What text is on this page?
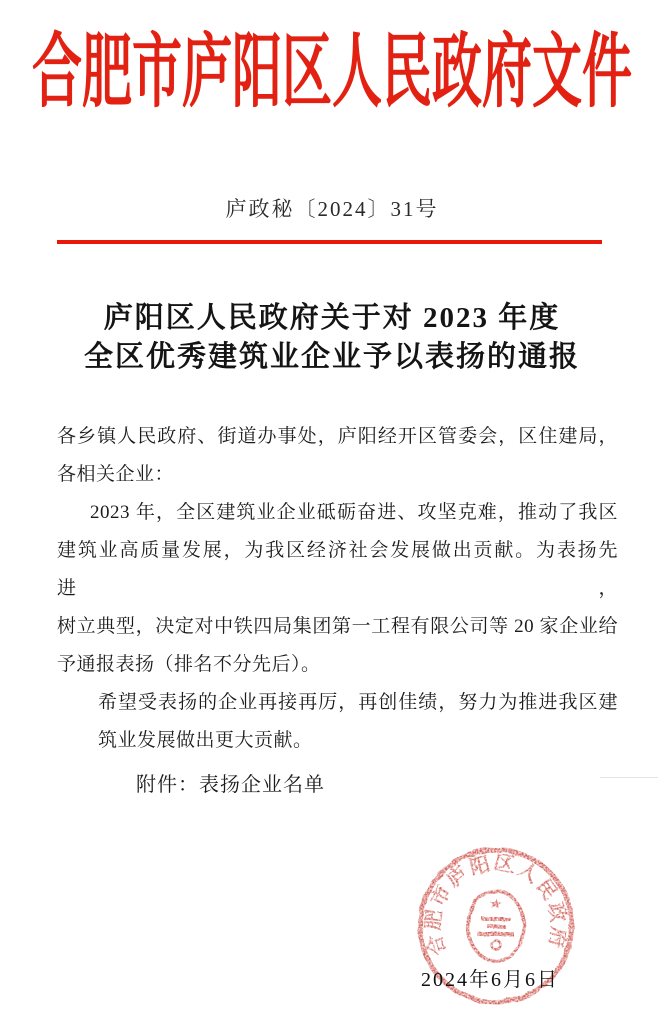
合肥市庐阳区人民政府文件
庐政秘〔2024〕31号
庐阳区人民政府关于对 2023 年度
全区优秀建筑业企业予以表扬的通报
各乡镇人民政府、街道办事处，庐阳经开区管委会，区住建局，
各相关企业：
2023 年，全区建筑业企业砥砺奋进、攻坚克难，推动了我区
建筑业高质量发展，为我区经济社会发展做出贡献。为表扬先进，
树立典型，决定对中铁四局集团第一工程有限公司等 20 家企业给
予通报表扬（排名不分先后）。
希望受表扬的企业再接再厉，再创佳绩，努力为推进我区建
筑业发展做出更大贡献。
附件：表扬企业名单
合肥市庐阳区人民政府
★
2024年6月6日
